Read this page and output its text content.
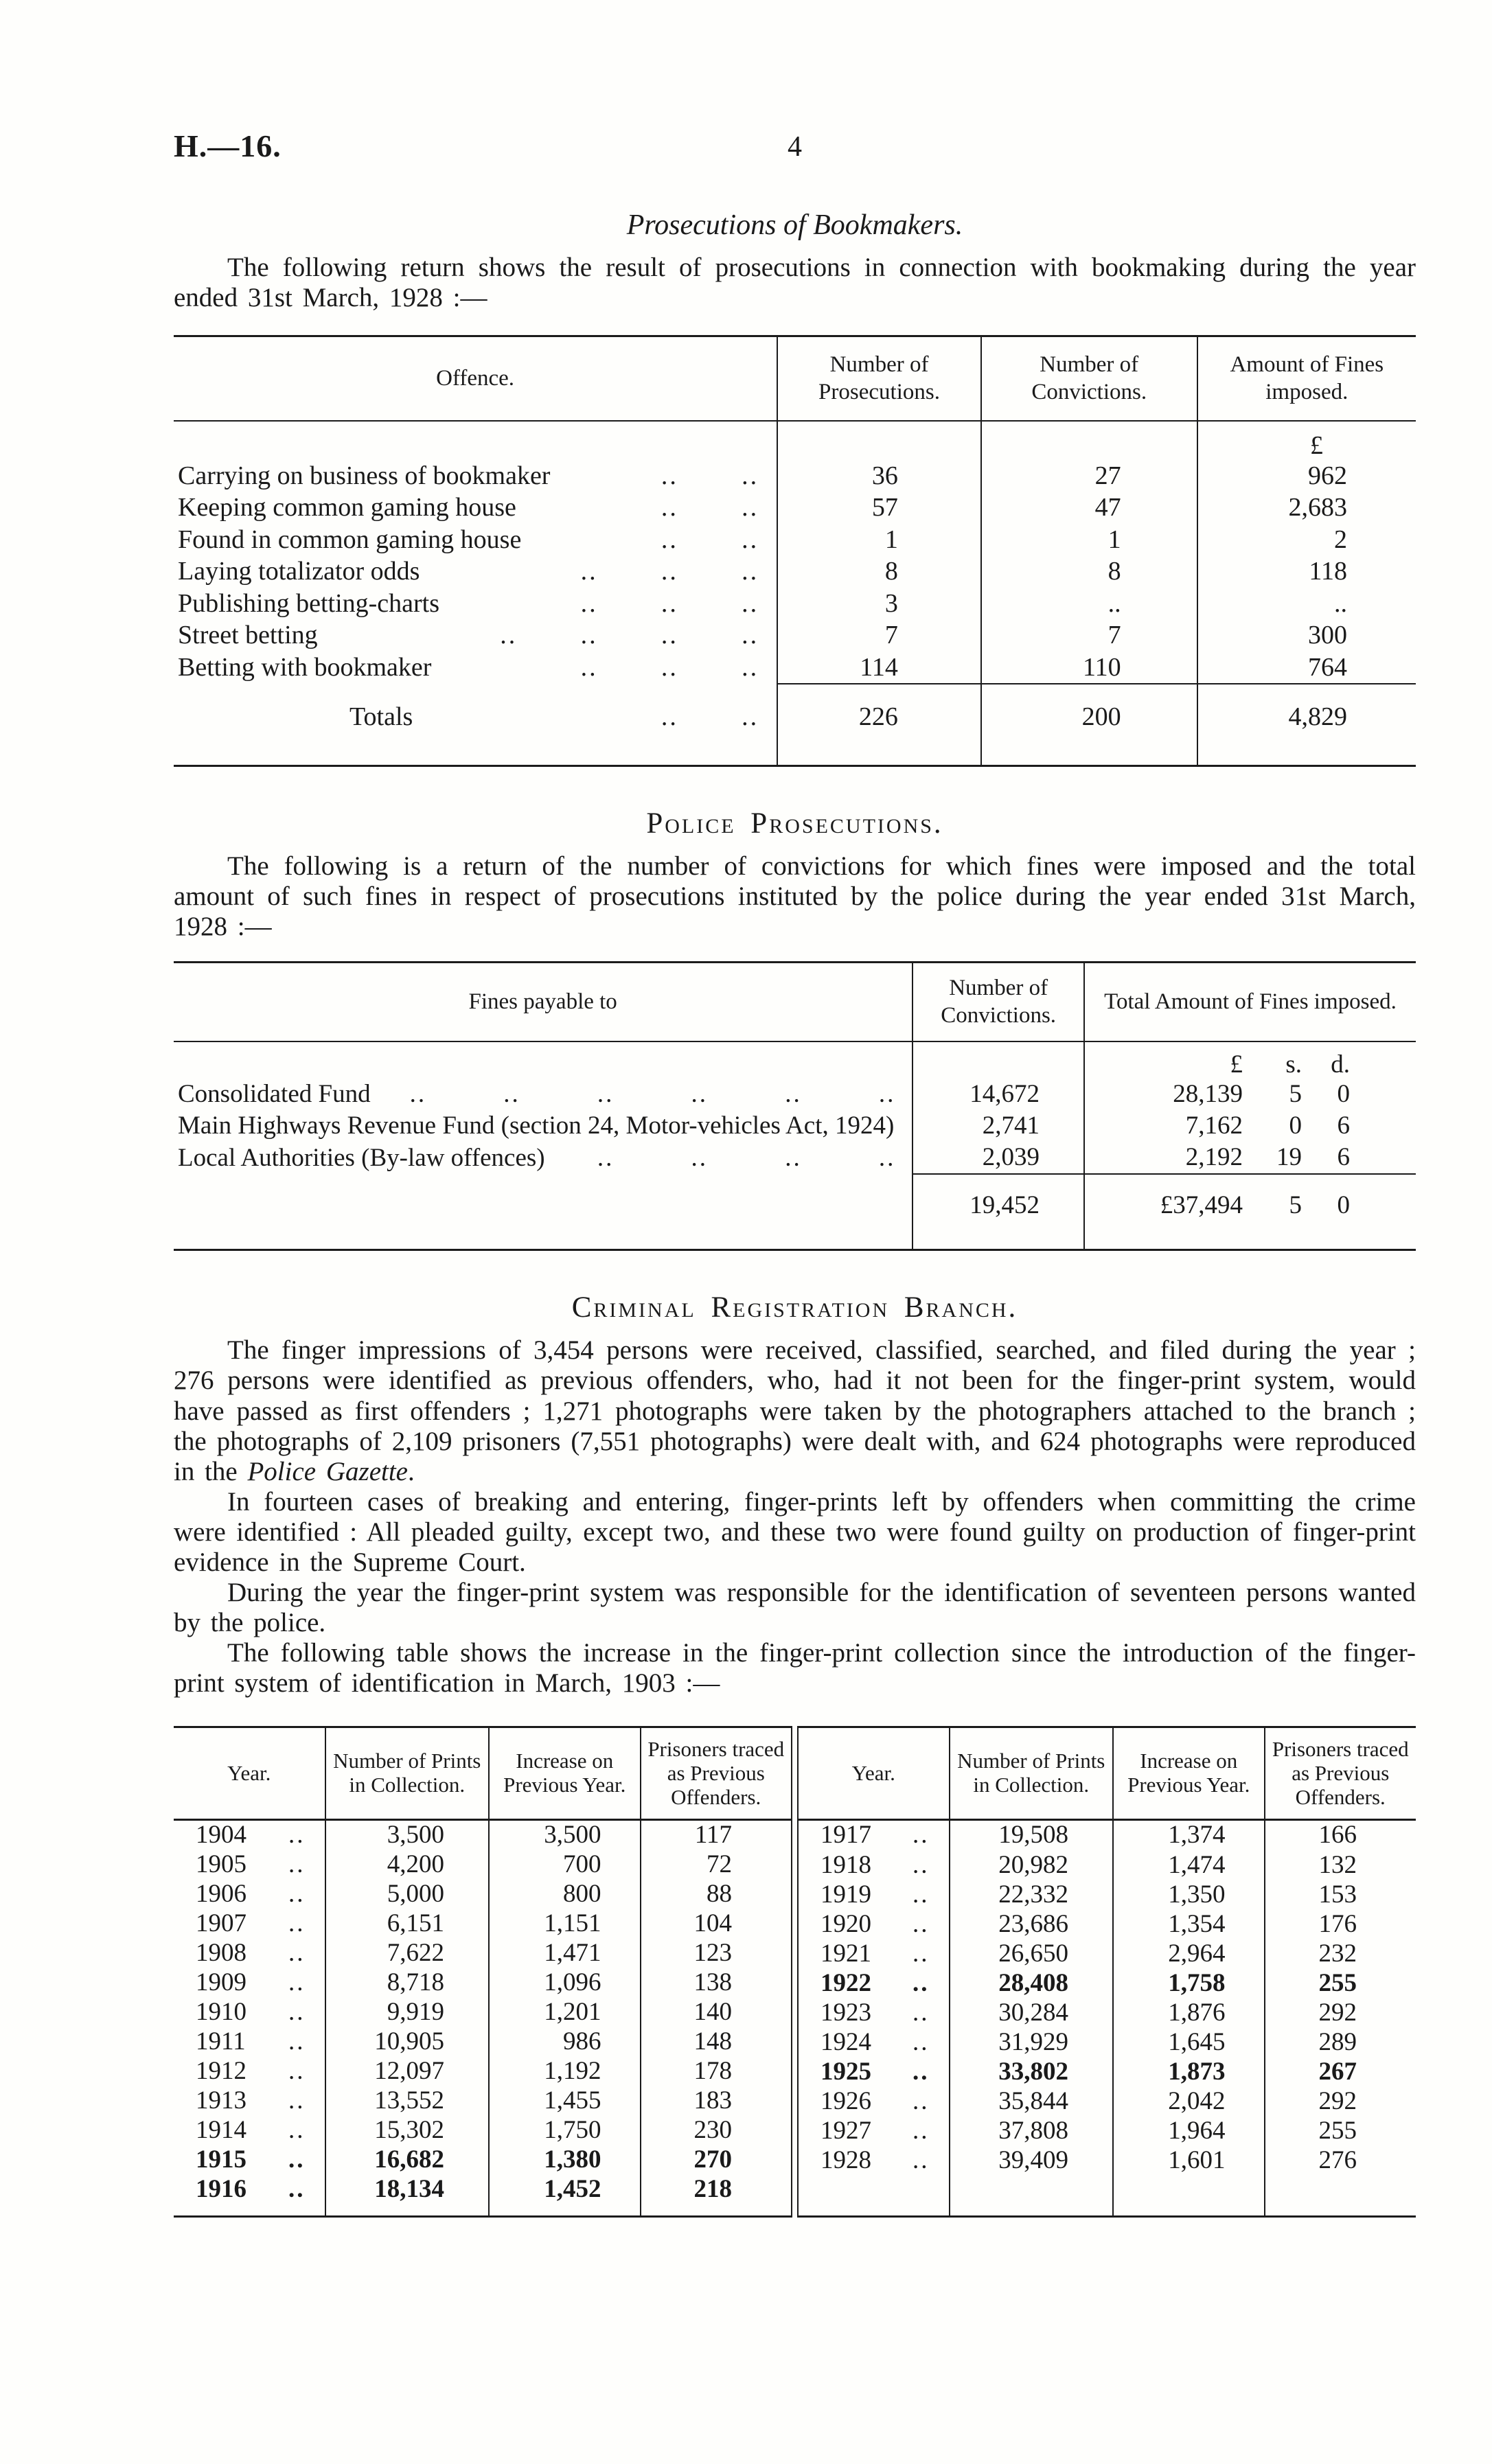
H.—16.	4
Prosecutions of Bookmakers.

The following return shows the result of prosecutions in connection with bookmaking during the year ended 31st March, 1928 :—

Offence.	Number of Prosecutions.	Number of Convictions.	Amount of Fines imposed.
			£

Carrying on business of bookmaker .. ..	36	27	962

Keeping common gaming house .. ..	57	47	2,683

Found in common gaming house .. ..	1	1	2

Laying totalizator odds .. .. ..	8	8	118

Publishing betting-charts .. .. ..	3	..	..

Street betting .. .. .. ..	7	7	300

Betting with bookmaker .. .. ..	114	110	764

Totals .. ..	226	200	4,829
Police Prosecutions.

The following is a return of the number of convictions for which fines were imposed and the total amount of such fines in respect of prosecutions instituted by the police during the year ended 31st March, 1928 :—

Fines payable to	Number of Convictions.	Total Amount of Fines imposed.

		£ s. d.

Consolidated Fund .. .. .. .. .. ..	14,672	28,139 5 0

Main Highways Revenue Fund (section 24, Motor-vehicles Act, 1924)	2,741	7,162 0 6

Local Authorities (By-law offences) .. .. .. ..	2,039	2,192 19 6

	19,452	£37,494 5 0
Criminal Registration Branch.

The finger impressions of 3,454 persons were received, classified, searched, and filed during the year ; 276 persons were identified as previous offenders, who, had it not been for the finger-print system, would have passed as first offenders ; 1,271 photographs were taken by the photographers attached to the branch ; the photographs of 2,109 prisoners (7,551 photographs) were dealt with, and 624 photographs were reproduced in the Police Gazette.

In fourteen cases of breaking and entering, finger-prints left by offenders when committing the crime were identified : All pleaded guilty, except two, and these two were found guilty on production of finger-print evidence in the Supreme Court.

During the year the finger-print system was responsible for the identification of seventeen persons wanted by the police.

The following table shows the increase in the finger-print collection since the introduction of the finger-print system of identification in March, 1903 :—

Year.	Number of Prints in Collection.	Increase on Previous Year.	Prisoners traced as Previous Offenders.

1904 ..	3,500	3,500	117

1905 ..	4,200	700	72

1906 ..	5,000	800	88

1907 ..	6,151	1,151	104

1908 ..	7,622	1,471	123

1909 ..	8,718	1,096	138

1910 ..	9,919	1,201	140

1911 ..	10,905	986	148

1912 ..	12,097	1,192	178

1913 ..	13,552	1,455	183

1914 ..	15,302	1,750	230

1915 ..	16,682	1,380	270

1916 ..	18,134	1,452	218

Year.	Number of Prints in Collection.	Increase on Previous Year.	Prisoners traced as Previous Offenders.

1917 ..	19,508	1,374	166

1918 ..	20,982	1,474	132

1919 ..	22,332	1,350	153

1920 ..	23,686	1,354	176

1921 ..	26,650	2,964	232

1922 ..	28,408	1,758	255

1923 ..	30,284	1,876	292

1924 ..	31,929	1,645	289

1925 ..	33,802	1,873	267

1926 ..	35,844	2,042	292

1927 ..	37,808	1,964	255

1928 ..	39,409	1,601	276
